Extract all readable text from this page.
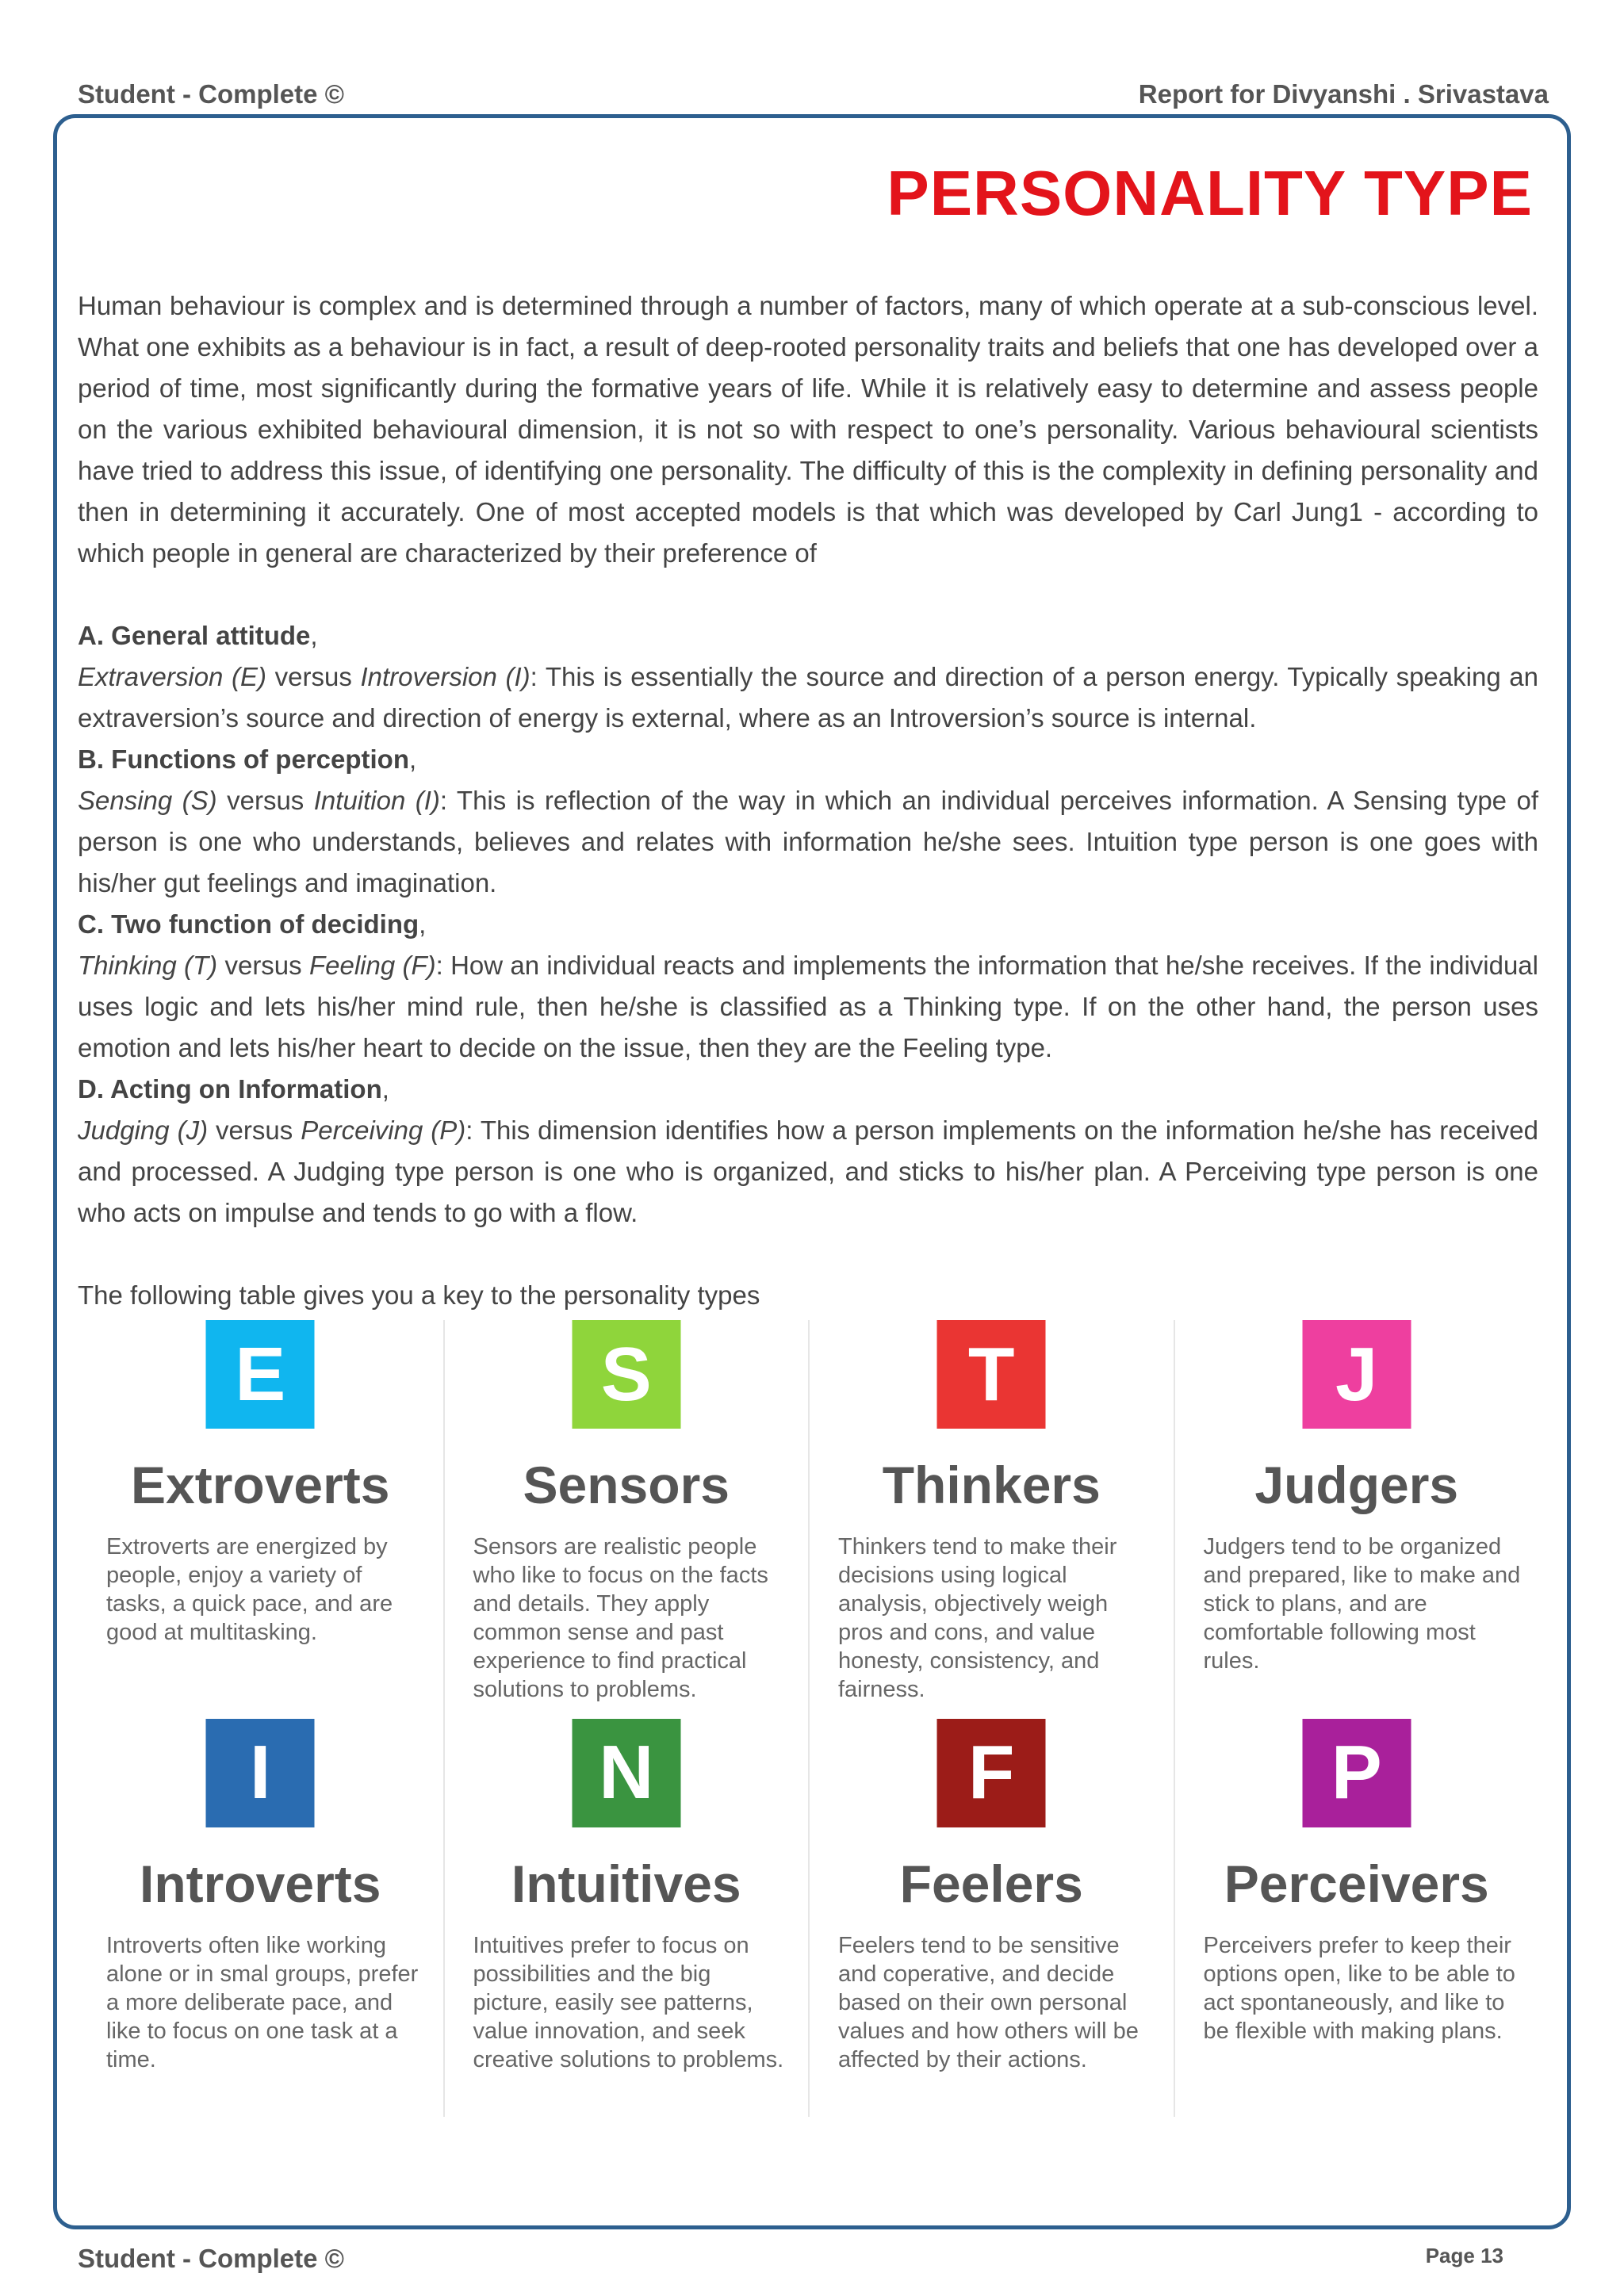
Student - Complete ©	Report for Divyanshi . Srivastava
PERSONALITY TYPE

Human behaviour is complex and is determined through a number of factors, many of which operate at a sub-conscious level. What one exhibits as a behaviour is in fact, a result of deep-rooted personality traits and beliefs that one has developed over a period of time, most significantly during the formative years of life. While it is relatively easy to determine and assess people on the various exhibited behavioural dimension, it is not so with respect to one’s personality. Various behavioural scientists have tried to address this issue, of identifying one personality. The difficulty of this is the complexity in defining personality and then in determining it accurately. One of most accepted models is that which was developed by Carl Jung1 - according to which people in general are characterized by their preference of

A. General attitude,
Extraversion (E) versus Introversion (I): This is essentially the source and direction of a person energy. Typically speaking an extraversion’s source and direction of energy is external, where as an Introversion’s source is internal.
B. Functions of perception,
Sensing (S) versus Intuition (I): This is reflection of the way in which an individual perceives information. A Sensing type of person is one who understands, believes and relates with information he/she sees. Intuition type person is one goes with his/her gut feelings and imagination.
C. Two function of deciding,
Thinking (T) versus Feeling (F): How an individual reacts and implements the information that he/she receives. If the individual uses logic and lets his/her mind rule, then he/she is classified as a Thinking type. If on the other hand, the person uses emotion and lets his/her heart to decide on the issue, then they are the Feeling type.
D. Acting on Information,
Judging (J) versus Perceiving (P): This dimension identifies how a person implements on the information he/she has received and processed. A Judging type person is one who is organized, and sticks to his/her plan. A Perceiving type person is one who acts on impulse and tends to go with a flow.

The following table gives you a key to the personality types

E
Extroverts
Extroverts are energized by people, enjoy a variety of tasks, a quick pace, and are good at multitasking.
S
Sensors
Sensors are realistic people who like to focus on the facts and details. They apply common sense and past experience to find practical solutions to problems.
T
Thinkers
Thinkers tend to make their decisions using logical analysis, objectively weigh pros and cons, and value honesty, consistency, and fairness.
J
Judgers
Judgers tend to be organized and prepared, like to make and stick to plans, and are comfortable following most rules.
I
Introverts
Introverts often like working alone or in smal groups, prefer a more deliberate pace, and like to focus on one task at a time.
N
Intuitives
Intuitives prefer to focus on possibilities and the big picture, easily see patterns, value innovation, and seek creative solutions to problems.
F
Feelers
Feelers tend to be sensitive and coperative, and decide based on their own personal values and how others will be affected by their actions.
P
Perceivers
Perceivers prefer to keep their options open, like to be able to act spontaneously, and like to be flexible with making plans.
Student - Complete ©	Page 13
